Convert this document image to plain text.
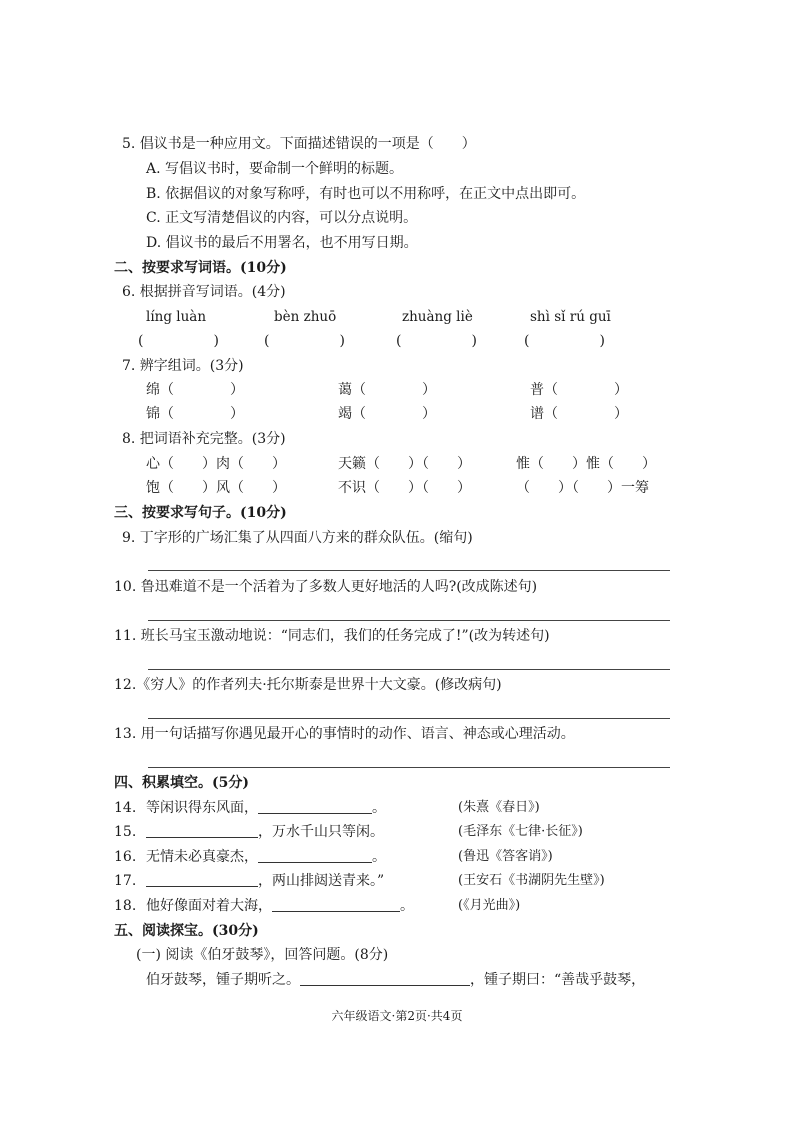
5. 倡议书是一种应用文。下面描述错误的一项是（　　）
A. 写倡议书时，要命制一个鲜明的标题。
B. 依据倡议的对象写称呼，有时也可以不用称呼，在正文中点出即可。
C. 正文写清楚倡议的内容，可以分点说明。
D. 倡议书的最后不用署名，也不用写日期。
二、按要求写词语。(10分)
6. 根据拼音写词语。(4分)
líng luàn	bèn zhuō	zhuàng liè	shì sǐ rú guī
(　　　　　)	(　　　　　)	(　　　　　)	(　　　　　)
7. 辨字组词。(3分)
绵（　　　　）	蔼（　　　　）	普（　　　　）
锦（　　　　）	竭（　　　　）	谱（　　　　）
8. 把词语补充完整。(3分)
心（　　）肉（　　）	天籁（　　）（　　）	惟（　　）惟（　　）
饱（　　）风（　　）	不识（　　）（　　）	（　　）（　　）一筹
三、按要求写句子。(10分)
9. 丁字形的广场汇集了从四面八方来的群众队伍。(缩句)
10. 鲁迅难道不是一个活着为了多数人更好地活的人吗?(改成陈述句)
11. 班长马宝玉激动地说：“同志们，我们的任务完成了!”(改为转述句)
12.《穷人》的作者列夫·托尔斯泰是世界十大文豪。(修改病句)
13. 用一句话描写你遇见最开心的事情时的动作、语言、神态或心理活动。
四、积累填空。(5分)
14. 等闲识得东风面，	。	(朱熹《春日》)
15.	，万水千山只等闲。	(毛泽东《七律·长征》)
16. 无情未必真豪杰，	。	(鲁迅《答客诮》)
17.	，两山排闼送青来。”	(王安石《书湖阴先生壁》)
18. 他好像面对着大海，	。	(《月光曲》)
五、阅读探宝。(30分)
(一) 阅读《伯牙鼓琴》，回答问题。(8分)
伯牙鼓琴，锺子期听之。	，锺子期曰：“善哉乎鼓琴，
六年级语文·第2页·共4页
